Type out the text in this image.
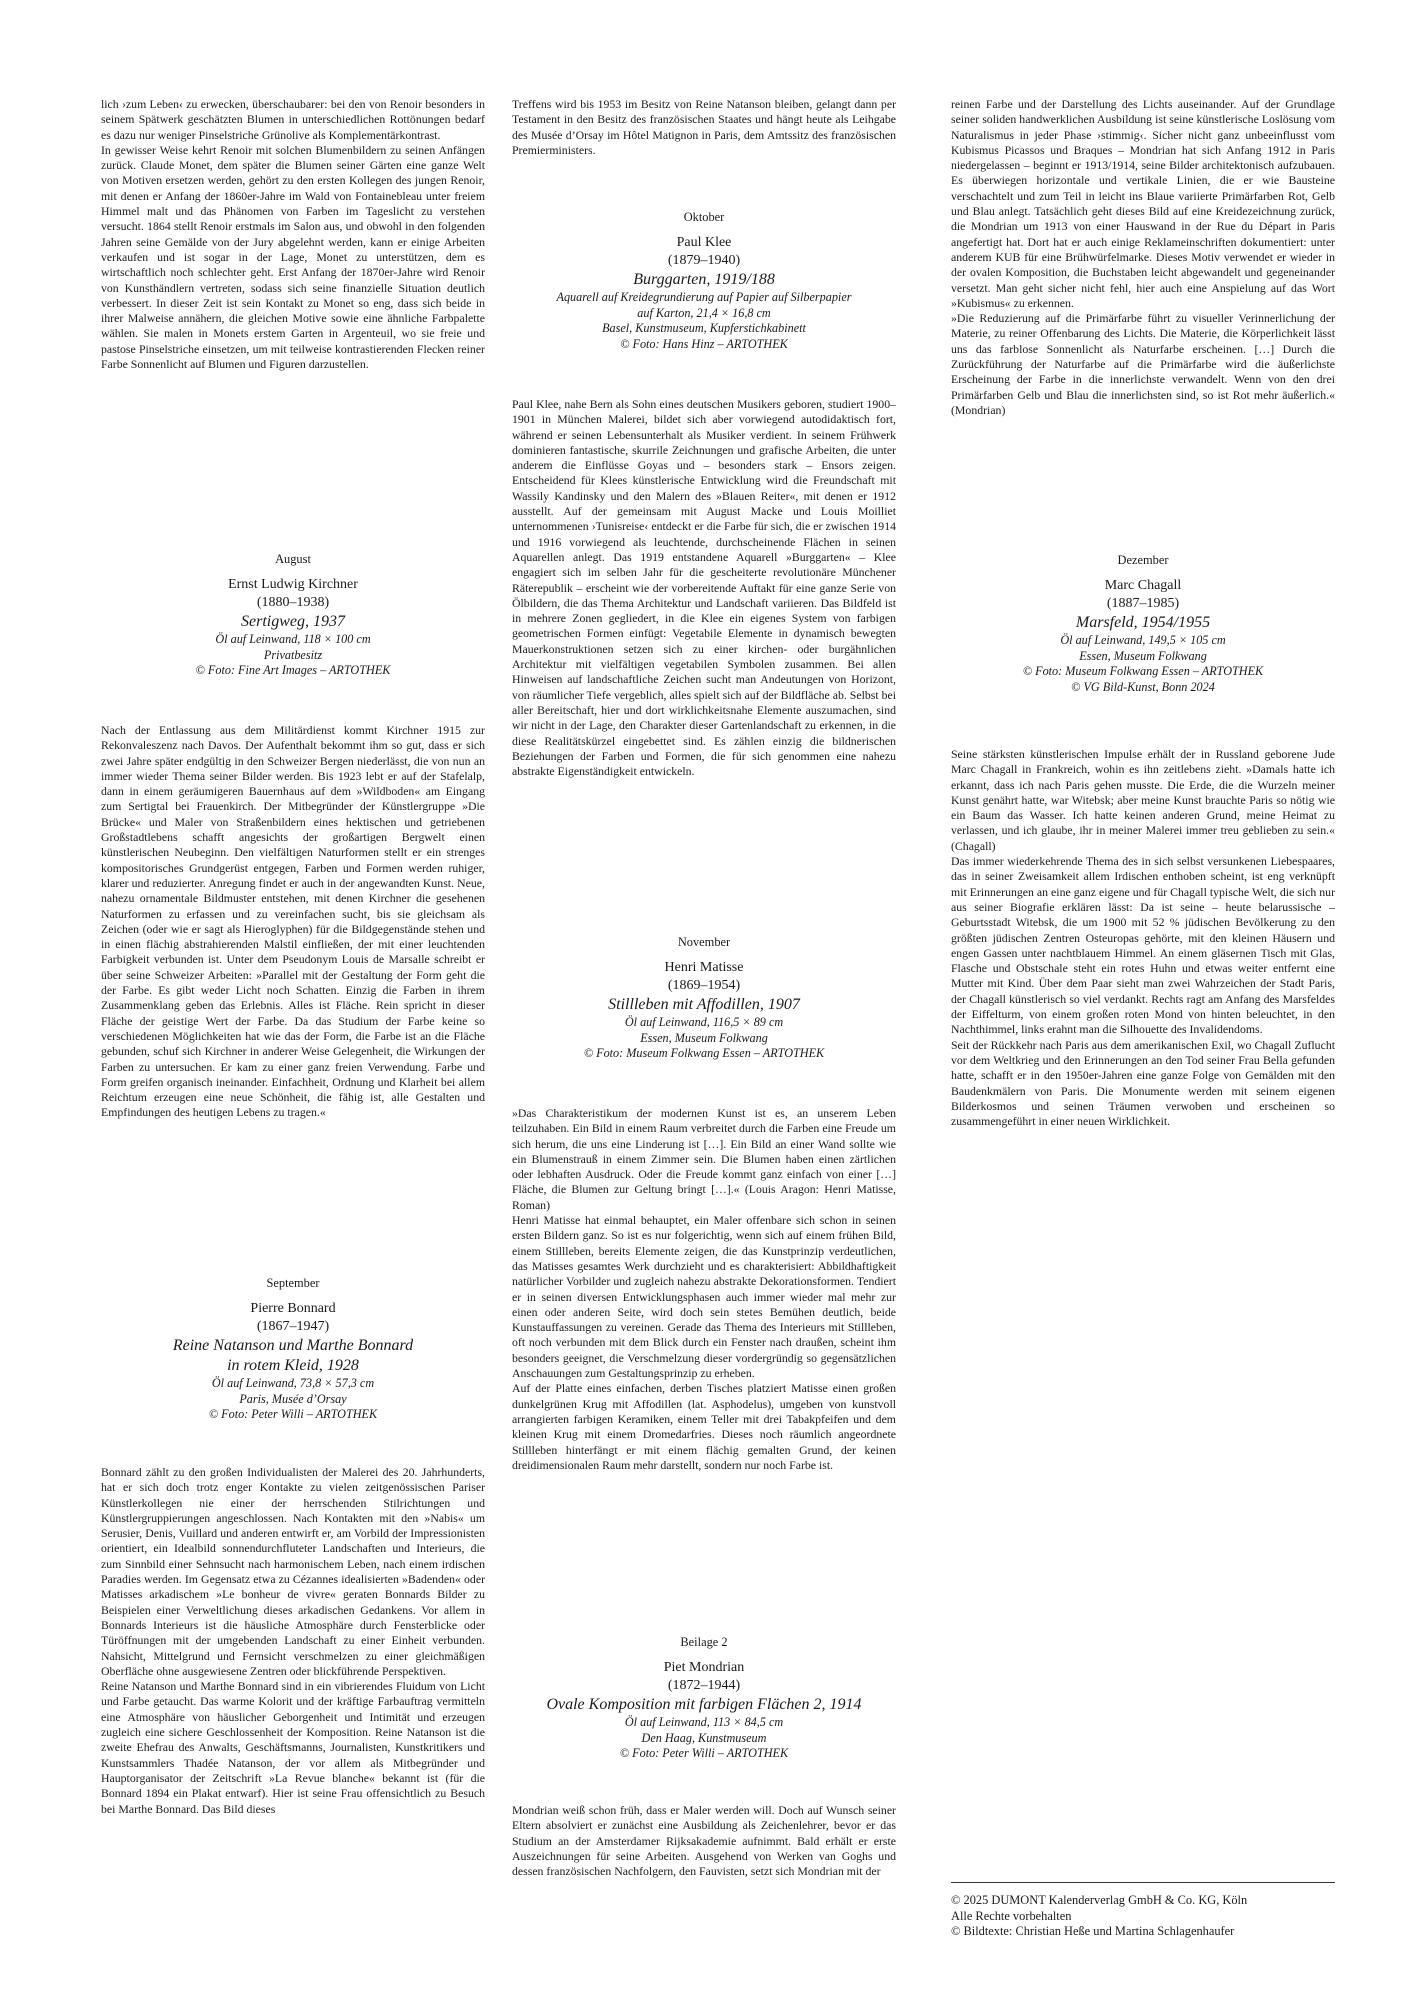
lich ›zum Leben‹ zu erwecken, überschaubarer: bei den von Renoir besonders in seinem Spätwerk geschätzten Blumen in unterschiedlichen Rottönungen bedarf es dazu nur weniger Pinselstriche Grünolive als Komplementärkontrast.

In gewisser Weise kehrt Renoir mit solchen Blumenbildern zu seinen Anfängen zurück. Claude Monet, dem später die Blumen seiner Gärten eine ganze Welt von Motiven ersetzen werden, gehört zu den ersten Kollegen des jungen Renoir, mit denen er Anfang der 1860er-Jahre im Wald von Fontainebleau unter freiem Himmel malt und das Phänomen von Farben im Tageslicht zu verstehen versucht. 1864 stellt Renoir erstmals im Salon aus, und obwohl in den folgenden Jahren seine Gemälde von der Jury abgelehnt werden, kann er einige Arbeiten verkaufen und ist sogar in der Lage, Monet zu unterstützen, dem es wirtschaftlich noch schlechter geht. Erst Anfang der 1870er-Jahre wird Renoir von Kunsthändlern vertreten, sodass sich seine finanzielle Situation deutlich verbessert. In dieser Zeit ist sein Kontakt zu Monet so eng, dass sich beide in ihrer Malweise annähern, die gleichen Motive sowie eine ähnliche Farbpalette wählen. Sie malen in Monets erstem Garten in Argenteuil, wo sie freie und pastose Pinselstriche einsetzen, um mit teilweise kontrastierenden Flecken reiner Farbe Sonnenlicht auf Blumen und Figuren darzustellen.

August
Ernst Ludwig Kirchner
(1880–1938)
Sertigweg, 1937
Öl auf Leinwand, 118 × 100 cm
Privatbesitz
© Foto: Fine Art Images – ARTOTHEK

Nach der Entlassung aus dem Militärdienst kommt Kirchner 1915 zur Rekonvaleszenz nach Davos. Der Aufenthalt bekommt ihm so gut, dass er sich zwei Jahre später endgültig in den Schweizer Bergen niederlässt, die von nun an immer wieder Thema seiner Bilder werden. Bis 1923 lebt er auf der Stafelalp, dann in einem geräumigeren Bauernhaus auf dem »Wildboden« am Eingang zum Sertigtal bei Frauenkirch. Der Mitbegründer der Künstlergruppe »Die Brücke« und Maler von Straßenbildern eines hektischen und getriebenen Großstadtlebens schafft angesichts der großartigen Bergwelt einen künstlerischen Neubeginn. Den vielfältigen Naturformen stellt er ein strenges kompositorisches Grundgerüst entgegen, Farben und Formen werden ruhiger, klarer und reduzierter. Anregung findet er auch in der angewandten Kunst. Neue, nahezu ornamentale Bildmuster entstehen, mit denen Kirchner die gesehenen Naturformen zu erfassen und zu vereinfachen sucht, bis sie gleichsam als Zeichen (oder wie er sagt als Hieroglyphen) für die Bildgegenstände stehen und in einen flächig abstrahierenden Malstil einfließen, der mit einer leuchtenden Farbigkeit verbunden ist. Unter dem Pseudonym Louis de Marsalle schreibt er über seine Schweizer Arbeiten: »Parallel mit der Gestaltung der Form geht die der Farbe. Es gibt weder Licht noch Schatten. Einzig die Farben in ihrem Zusammenklang geben das Erlebnis. Alles ist Fläche. Rein spricht in dieser Fläche der geistige Wert der Farbe. Da das Studium der Farbe keine so verschiedenen Möglichkeiten hat wie das der Form, die Farbe ist an die Fläche gebunden, schuf sich Kirchner in anderer Weise Gelegenheit, die Wirkungen der Farben zu untersuchen. Er kam zu einer ganz freien Verwendung. Farbe und Form greifen organisch ineinander. Einfachheit, Ordnung und Klarheit bei allem Reichtum erzeugen eine neue Schönheit, die fähig ist, alle Gestalten und Empfindungen des heutigen Lebens zu tragen.«

September
Pierre Bonnard
(1867–1947)
Reine Natanson und Marthe Bonnard
in rotem Kleid, 1928
Öl auf Leinwand, 73,8 × 57,3 cm
Paris, Musée d’Orsay
© Foto: Peter Willi – ARTOTHEK

Bonnard zählt zu den großen Individualisten der Malerei des 20. Jahrhunderts, hat er sich doch trotz enger Kontakte zu vielen zeitgenössischen Pariser Künstlerkollegen nie einer der herrschenden Stilrichtungen und Künstlergruppierungen angeschlossen. Nach Kontakten mit den »Nabis« um Serusier, Denis, Vuillard und anderen entwirft er, am Vorbild der Impressionisten orientiert, ein Idealbild sonnendurchfluteter Landschaften und Interieurs, die zum Sinnbild einer Sehnsucht nach harmonischem Leben, nach einem irdischen Paradies werden. Im Gegensatz etwa zu Cézannes idealisierten »Badenden« oder Matisses arkadischem »Le bonheur de vivre« geraten Bonnards Bilder zu Beispielen einer Verweltlichung dieses arkadischen Gedankens. Vor allem in Bonnards Interieurs ist die häusliche Atmosphäre durch Fensterblicke oder Türöffnungen mit der umgebenden Landschaft zu einer Einheit verbunden. Nahsicht, Mittelgrund und Fernsicht verschmelzen zu einer gleichmäßigen Oberfläche ohne ausgewiesene Zentren oder blickführende Perspektiven.

Reine Natanson und Marthe Bonnard sind in ein vibrierendes Fluidum von Licht und Farbe getaucht. Das warme Kolorit und der kräftige Farbauftrag vermitteln eine Atmosphäre von häuslicher Geborgenheit und Intimität und erzeugen zugleich eine sichere Geschlossenheit der Komposition. Reine Natanson ist die zweite Ehefrau des Anwalts, Geschäftsmanns, Journalisten, Kunstkritikers und Kunstsammlers Thadée Natanson, der vor allem als Mitbegründer und Hauptorganisator der Zeitschrift »La Revue blanche« bekannt ist (für die Bonnard 1894 ein Plakat entwarf). Hier ist seine Frau offensichtlich zu Besuch bei Marthe Bonnard. Das Bild dieses

Treffens wird bis 1953 im Besitz von Reine Natanson bleiben, gelangt dann per Testament in den Besitz des französischen Staates und hängt heute als Leihgabe des Musée d’Orsay im Hôtel Matignon in Paris, dem Amtssitz des französischen Premierministers.

Oktober
Paul Klee
(1879–1940)
Burggarten, 1919/188
Aquarell auf Kreidegrundierung auf Papier auf Silberpapier
auf Karton, 21,4 × 16,8 cm
Basel, Kunstmuseum, Kupferstichkabinett
© Foto: Hans Hinz – ARTOTHEK

Paul Klee, nahe Bern als Sohn eines deutschen Musikers geboren, studiert 1900–1901 in München Malerei, bildet sich aber vorwiegend autodidaktisch fort, während er seinen Lebensunterhalt als Musiker verdient. In seinem Frühwerk dominieren fantastische, skurrile Zeichnungen und grafische Arbeiten, die unter anderem die Einflüsse Goyas und – besonders stark – Ensors zeigen. Entscheidend für Klees künstlerische Entwicklung wird die Freundschaft mit Wassily Kandinsky und den Malern des »Blauen Reiter«, mit denen er 1912 ausstellt. Auf der gemeinsam mit August Macke und Louis Moilliet unternommenen ›Tunisreise‹ entdeckt er die Farbe für sich, die er zwischen 1914 und 1916 vorwiegend als leuchtende, durchscheinende Flächen in seinen Aquarellen anlegt. Das 1919 entstandene Aquarell »Burggarten« – Klee engagiert sich im selben Jahr für die gescheiterte revolutionäre Münchener Räterepublik – erscheint wie der vorbereitende Auftakt für eine ganze Serie von Ölbildern, die das Thema Architektur und Landschaft variieren. Das Bildfeld ist in mehrere Zonen gegliedert, in die Klee ein eigenes System von farbigen geometrischen Formen einfügt: Vegetabile Elemente in dynamisch bewegten Mauerkonstruktionen setzen sich zu einer kirchen- oder burgähnlichen Architektur mit vielfältigen vegetabilen Symbolen zusammen. Bei allen Hinweisen auf landschaftliche Zeichen sucht man Andeutungen von Horizont, von räumlicher Tiefe vergeblich, alles spielt sich auf der Bildfläche ab. Selbst bei aller Bereitschaft, hier und dort wirklichkeitsnahe Elemente auszumachen, sind wir nicht in der Lage, den Charakter dieser Gartenlandschaft zu erkennen, in die diese Realitätskürzel eingebettet sind. Es zählen einzig die bildnerischen Beziehungen der Farben und Formen, die für sich genommen eine nahezu abstrakte Eigenständigkeit entwickeln.

November
Henri Matisse
(1869–1954)
Stillleben mit Affodillen, 1907
Öl auf Leinwand, 116,5 × 89 cm
Essen, Museum Folkwang
© Foto: Museum Folkwang Essen – ARTOTHEK

»Das Charakteristikum der modernen Kunst ist es, an unserem Leben teilzuhaben. Ein Bild in einem Raum verbreitet durch die Farben eine Freude um sich herum, die uns eine Linderung ist […]. Ein Bild an einer Wand sollte wie ein Blumenstrauß in einem Zimmer sein. Die Blumen haben einen zärtlichen oder lebhaften Ausdruck. Oder die Freude kommt ganz einfach von einer […] Fläche, die Blumen zur Geltung bringt […].« (Louis Aragon: Henri Matisse, Roman)

Henri Matisse hat einmal behauptet, ein Maler offenbare sich schon in seinen ersten Bildern ganz. So ist es nur folgerichtig, wenn sich auf einem frühen Bild, einem Stillleben, bereits Elemente zeigen, die das Kunstprinzip verdeutlichen, das Matisses gesamtes Werk durchzieht und es charakterisiert: Abbildhaftigkeit natürlicher Vorbilder und zugleich nahezu abstrakte Dekorationsformen. Tendiert er in seinen diversen Entwicklungsphasen auch immer wieder mal mehr zur einen oder anderen Seite, wird doch sein stetes Bemühen deutlich, beide Kunstauffassungen zu vereinen. Gerade das Thema des Interieurs mit Stillleben, oft noch verbunden mit dem Blick durch ein Fenster nach draußen, scheint ihm besonders geeignet, die Verschmelzung dieser vordergründig so gegensätzlichen Anschauungen zum Gestaltungsprinzip zu erheben.

Auf der Platte eines einfachen, derben Tisches platziert Matisse einen großen dunkelgrünen Krug mit Affodillen (lat. Asphodelus), umgeben von kunstvoll arrangierten farbigen Keramiken, einem Teller mit drei Tabakpfeifen und dem kleinen Krug mit einem Dromedarfries. Dieses noch räumlich angeordnete Stillleben hinterfängt er mit einem flächig gemalten Grund, der keinen dreidimensionalen Raum mehr darstellt, sondern nur noch Farbe ist.

Beilage 2
Piet Mondrian
(1872–1944)
Ovale Komposition mit farbigen Flächen 2, 1914
Öl auf Leinwand, 113 × 84,5 cm
Den Haag, Kunstmuseum
© Foto: Peter Willi – ARTOTHEK

Mondrian weiß schon früh, dass er Maler werden will. Doch auf Wunsch seiner Eltern absolviert er zunächst eine Ausbildung als Zeichenlehrer, bevor er das Studium an der Amsterdamer Rijksakademie aufnimmt. Bald erhält er erste Auszeichnungen für seine Arbeiten. Ausgehend von Werken van Goghs und dessen französischen Nachfolgern, den Fauvisten, setzt sich Mondrian mit der

reinen Farbe und der Darstellung des Lichts auseinander. Auf der Grundlage seiner soliden handwerklichen Ausbildung ist seine künstlerische Loslösung vom Naturalismus in jeder Phase ›stimmig‹. Sicher nicht ganz unbeeinflusst vom Kubismus Picassos und Braques – Mondrian hat sich Anfang 1912 in Paris niedergelassen – beginnt er 1913/1914, seine Bilder architektonisch aufzubauen. Es überwiegen horizontale und vertikale Linien, die er wie Bausteine verschachtelt und zum Teil in leicht ins Blaue variierte Primärfarben Rot, Gelb und Blau anlegt. Tatsächlich geht dieses Bild auf eine Kreidezeichnung zurück, die Mondrian um 1913 von einer Hauswand in der Rue du Départ in Paris angefertigt hat. Dort hat er auch einige Reklameinschriften dokumentiert: unter anderem KUB für eine Brühwürfelmarke. Dieses Motiv verwendet er wieder in der ovalen Komposition, die Buchstaben leicht abgewandelt und gegeneinander versetzt. Man geht sicher nicht fehl, hier auch eine Anspielung auf das Wort »Kubismus« zu erkennen.

»Die Reduzierung auf die Primärfarbe führt zu visueller Verinnerlichung der Materie, zu reiner Offenbarung des Lichts. Die Materie, die Körperlichkeit lässt uns das farblose Sonnenlicht als Naturfarbe erscheinen. […] Durch die Zurückführung der Naturfarbe auf die Primärfarbe wird die äußerlichste Erscheinung der Farbe in die innerlichste verwandelt. Wenn von den drei Primärfarben Gelb und Blau die innerlichsten sind, so ist Rot mehr äußerlich.« (Mondrian)

Dezember
Marc Chagall
(1887–1985)
Marsfeld, 1954/1955
Öl auf Leinwand, 149,5 × 105 cm
Essen, Museum Folkwang
© Foto: Museum Folkwang Essen – ARTOTHEK
© VG Bild-Kunst, Bonn 2024

Seine stärksten künstlerischen Impulse erhält der in Russland geborene Jude Marc Chagall in Frankreich, wohin es ihn zeitlebens zieht. »Damals hatte ich erkannt, dass ich nach Paris gehen musste. Die Erde, die die Wurzeln meiner Kunst genährt hatte, war Witebsk; aber meine Kunst brauchte Paris so nötig wie ein Baum das Wasser. Ich hatte keinen anderen Grund, meine Heimat zu verlassen, und ich glaube, ihr in meiner Malerei immer treu geblieben zu sein.« (Chagall)

Das immer wiederkehrende Thema des in sich selbst versunkenen Liebespaares, das in seiner Zweisamkeit allem Irdischen enthoben scheint, ist eng verknüpft mit Erinnerungen an eine ganz eigene und für Chagall typische Welt, die sich nur aus seiner Biografie erklären lässt: Da ist seine – heute belarussische – Geburtsstadt Witebsk, die um 1900 mit 52 % jüdischen Bevölkerung zu den größten jüdischen Zentren Osteuropas gehörte, mit den kleinen Häusern und engen Gassen unter nachtblauem Himmel. An einem gläsernen Tisch mit Glas, Flasche und Obstschale steht ein rotes Huhn und etwas weiter entfernt eine Mutter mit Kind. Über dem Paar sieht man zwei Wahrzeichen der Stadt Paris, der Chagall künstlerisch so viel verdankt. Rechts ragt am Anfang des Marsfeldes der Eiffelturm, von einem großen roten Mond von hinten beleuchtet, in den Nachthimmel, links erahnt man die Silhouette des Invalidendoms.

Seit der Rückkehr nach Paris aus dem amerikanischen Exil, wo Chagall Zuflucht vor dem Weltkrieg und den Erinnerungen an den Tod seiner Frau Bella gefunden hatte, schafft er in den 1950er-Jahren eine ganze Folge von Gemälden mit den Baudenkmälern von Paris. Die Monumente werden mit seinem eigenen Bilderkosmos und seinen Träumen verwoben und erscheinen so zusammengeführt in einer neuen Wirklichkeit.

© 2025 DUMONT Kalenderverlag GmbH & Co. KG, Köln
Alle Rechte vorbehalten
© Bildtexte: Christian Heße und Martina Schlagenhaufer
